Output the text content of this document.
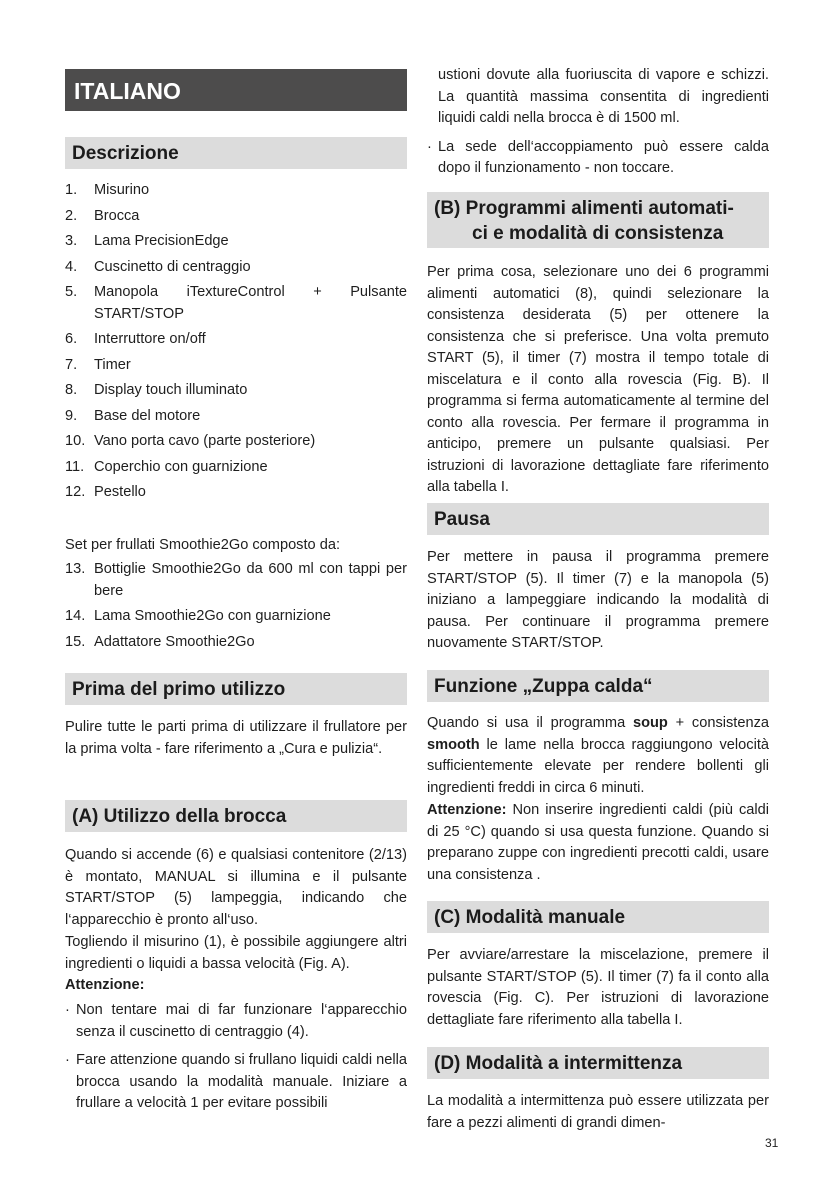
ITALIANO
Descrizione
1. Misurino
2. Brocca
3. Lama PrecisionEdge
4. Cuscinetto di centraggio
5. Manopola iTextureControl + Pulsante START/STOP
6. Interruttore on/off
7. Timer
8. Display touch illuminato
9. Base del motore
10. Vano porta cavo (parte posteriore)
11. Coperchio con guarnizione
12. Pestello

Set per frullati Smoothie2Go composto da:

13. Bottiglie Smoothie2Go da 600 ml con tappi per bere
14. Lama Smoothie2Go con guarnizione
15. Adattatore Smoothie2Go
Prima del primo utilizzo

Pulire tutte le parti prima di utilizzare il frullatore per la prima volta - fare riferimento a „Cura e pulizia“.

(A) Utilizzo della brocca

Quando si accende (6) e qualsiasi contenitore (2/13) è montato, MANUAL si illumina e il pulsante START/STOP (5) lampeggia, indicando che l‘apparecchio è pronto all‘uso.

Togliendo il misurino (1), è possibile aggiungere altri ingredienti o liquidi a bassa velocità (Fig. A).

Attenzione:

· Non tentare mai di far funzionare l‘apparecchio senza il cuscinetto di centraggio (4).
· Fare attenzione quando si frullano liquidi caldi nella brocca usando la modalità manuale. Iniziare a frullare a velocità 1 per evitare possibili
ustioni dovute alla fuoriuscita di vapore e schizzi. La quantità massima consentita di ingredienti liquidi caldi nella brocca è di 1500 ml.
· La sede dell‘accoppiamento può essere calda dopo il funzionamento - non toccare.
(B) Programmi alimenti automati-
ci e modalità di consistenza

Per prima cosa, selezionare uno dei 6 programmi alimenti automatici (8), quindi selezionare la consistenza desiderata (5) per ottenere la consistenza che si preferisce. Una volta premuto START (5), il timer (7) mostra il tempo totale di miscelatura e il conto alla rovescia (Fig. B). Il programma si ferma automaticamente al termine del conto alla rovescia. Per fermare il programma in anticipo, premere un pulsante qualsiasi. Per istruzioni di lavorazione dettagliate fare riferimento alla tabella I.

Pausa

Per mettere in pausa il programma premere START/STOP (5). Il timer (7) e la manopola (5) iniziano a lampeggiare indicando la modalità di pausa. Per continuare il programma premere nuovamente START/STOP.

Funzione „Zuppa calda“

Quando si usa il programma soup + consistenza smooth le lame nella brocca raggiungono velocità sufficientemente elevate per rendere bollenti gli ingredienti freddi in circa 6 minuti.

Attenzione: Non inserire ingredienti caldi (più caldi di 25 °C) quando si usa questa funzione. Quando si preparano zuppe con ingredienti precotti caldi, usare una consistenza .

(C) Modalità manuale

Per avviare/arrestare la miscelazione, premere il pulsante START/STOP (5). Il timer (7) fa il conto alla rovescia (Fig. C). Per istruzioni di lavorazione dettagliate fare riferimento alla tabella I.

(D) Modalità a intermittenza

La modalità a intermittenza può essere utilizzata per fare a pezzi alimenti di grandi dimen-

31
